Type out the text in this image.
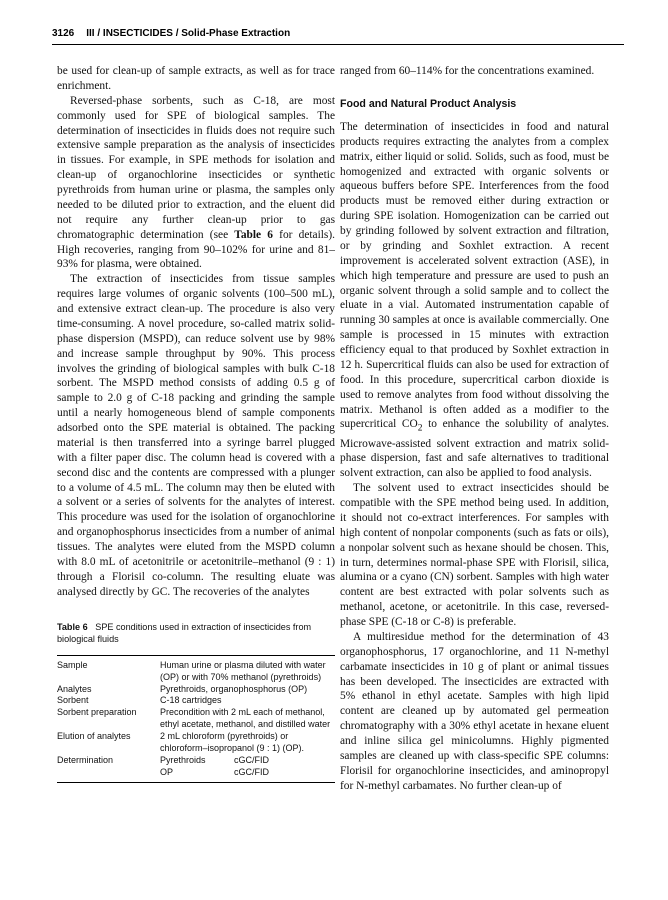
3126 III / INSECTICIDES / Solid-Phase Extraction

be used for clean-up of sample extracts, as well as for trace enrichment.

Reversed-phase sorbents, such as C-18, are most commonly used for SPE of biological samples. The determination of insecticides in fluids does not require such extensive sample preparation as the analysis of insecticides in tissues. For example, in SPE methods for isolation and clean-up of organochlorine insecticides or synthetic pyrethroids from human urine or plasma, the samples only needed to be diluted prior to extraction, and the eluent did not require any further clean-up prior to gas chromatographic determination (see Table 6 for details). High recoveries, ranging from 90–102% for urine and 81–93% for plasma, were obtained.

The extraction of insecticides from tissue samples requires large volumes of organic solvents (100–500 mL), and extensive extract clean-up. The procedure is also very time-consuming. A novel procedure, so-called matrix solid-phase dispersion (MSPD), can reduce solvent use by 98% and increase sample throughput by 90%. This process involves the grinding of biological samples with bulk C-18 sorbent. The MSPD method consists of adding 0.5 g of sample to 2.0 g of C-18 packing and grinding the sample until a nearly homogeneous blend of sample components adsorbed onto the SPE material is obtained. The packing material is then transferred into a syringe barrel plugged with a filter paper disc. The column head is covered with a second disc and the contents are compressed with a plunger to a volume of 4.5 mL. The column may then be eluted with a solvent or a series of solvents for the analytes of interest. This procedure was used for the isolation of organochlorine and organophosphorus insecticides from a number of animal tissues. The analytes were eluted from the MSPD column with 8.0 mL of acetonitrile or acetonitrile–methanol (9 : 1) through a Florisil co-column. The resulting eluate was analysed directly by GC. The recoveries of the analytes

Table 6 SPE conditions used in extraction of insecticides from biological fluids
Sample	Human urine or plasma diluted with water (OP) or with 70% methanol (pyrethroids)
Analytes	Pyrethroids, organophosphorus (OP)
Sorbent	C-18 cartridges
Sorbent preparation	Precondition with 2 mL each of methanol, ethyl acetate, methanol, and distilled water
Elution of analytes	2 mL chloroform (pyrethroids) or chloroform–isopropanol (9 : 1) (OP).
Determination	Pyrethroids cGC/FID
OP cGC/FID

ranged from 60–114% for the concentrations examined.

Food and Natural Product Analysis

The determination of insecticides in food and natural products requires extracting the analytes from a complex matrix, either liquid or solid. Solids, such as food, must be homogenized and extracted with organic solvents or aqueous buffers before SPE. Interferences from the food products must be removed either during extraction or during SPE isolation. Homogenization can be carried out by grinding followed by solvent extraction and filtration, or by grinding and Soxhlet extraction. A recent improvement is accelerated solvent extraction (ASE), in which high temperature and pressure are used to push an organic solvent through a solid sample and to collect the eluate in a vial. Automated instrumentation capable of running 30 samples at once is available commercially. One sample is processed in 15 minutes with extraction efficiency equal to that produced by Soxhlet extraction in 12 h. Supercritical fluids can also be used for extraction of food. In this procedure, supercritical carbon dioxide is used to remove analytes from food without dissolving the matrix. Methanol is often added as a modifier to the supercritical $CO_2$ to enhance the solubility of analytes. Microwave-assisted solvent extraction and matrix solid-phase dispersion, fast and safe alternatives to traditional solvent extraction, can also be applied to food analysis.

The solvent used to extract insecticides should be compatible with the SPE method being used. In addition, it should not co-extract interferences. For samples with high content of nonpolar components (such as fats or oils), a nonpolar solvent such as hexane should be chosen. This, in turn, determines normal-phase SPE with Florisil, silica, alumina or a cyano (CN) sorbent. Samples with high water content are best extracted with polar solvents such as methanol, acetone, or acetonitrile. In this case, reversed-phase SPE (C-18 or C-8) is preferable.

A multiresidue method for the determination of 43 organophosphorus, 17 organochlorine, and 11 N-methyl carbamate insecticides in 10 g of plant or animal tissues has been developed. The insecticides are extracted with 5% ethanol in ethyl acetate. Samples with high lipid content are cleaned up by automated gel permeation chromatography with a 30% ethyl acetate in hexane eluent and inline silica gel minicolumns. Highly pigmented samples are cleaned up with class-specific SPE columns: Florisil for organochlorine insecticides, and aminopropyl for N-methyl carbamates. No further clean-up of
